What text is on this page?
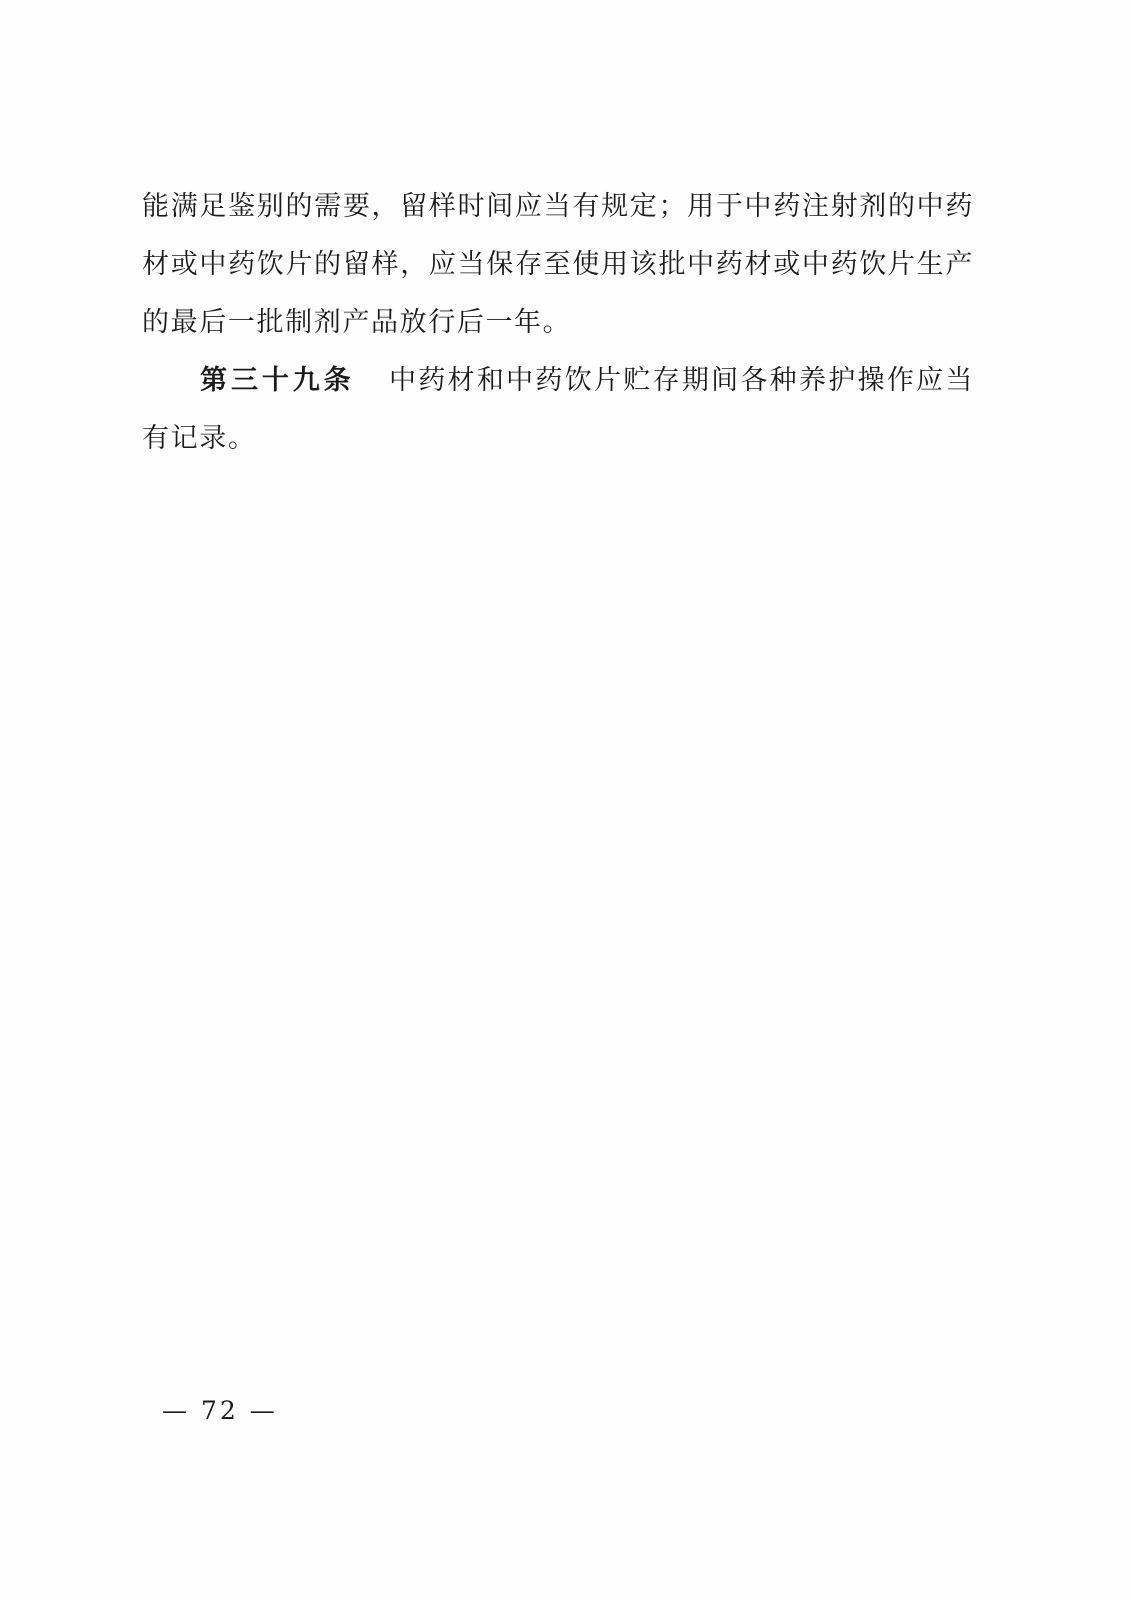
能满足鉴别的需要，留样时间应当有规定；用于中药注射剂的中药材或中药饮片的留样，应当保存至使用该批中药材或中药饮片生产的最后一批制剂产品放行后一年。

第三十九条 中药材和中药饮片贮存期间各种养护操作应当有记录。

— 72 —
